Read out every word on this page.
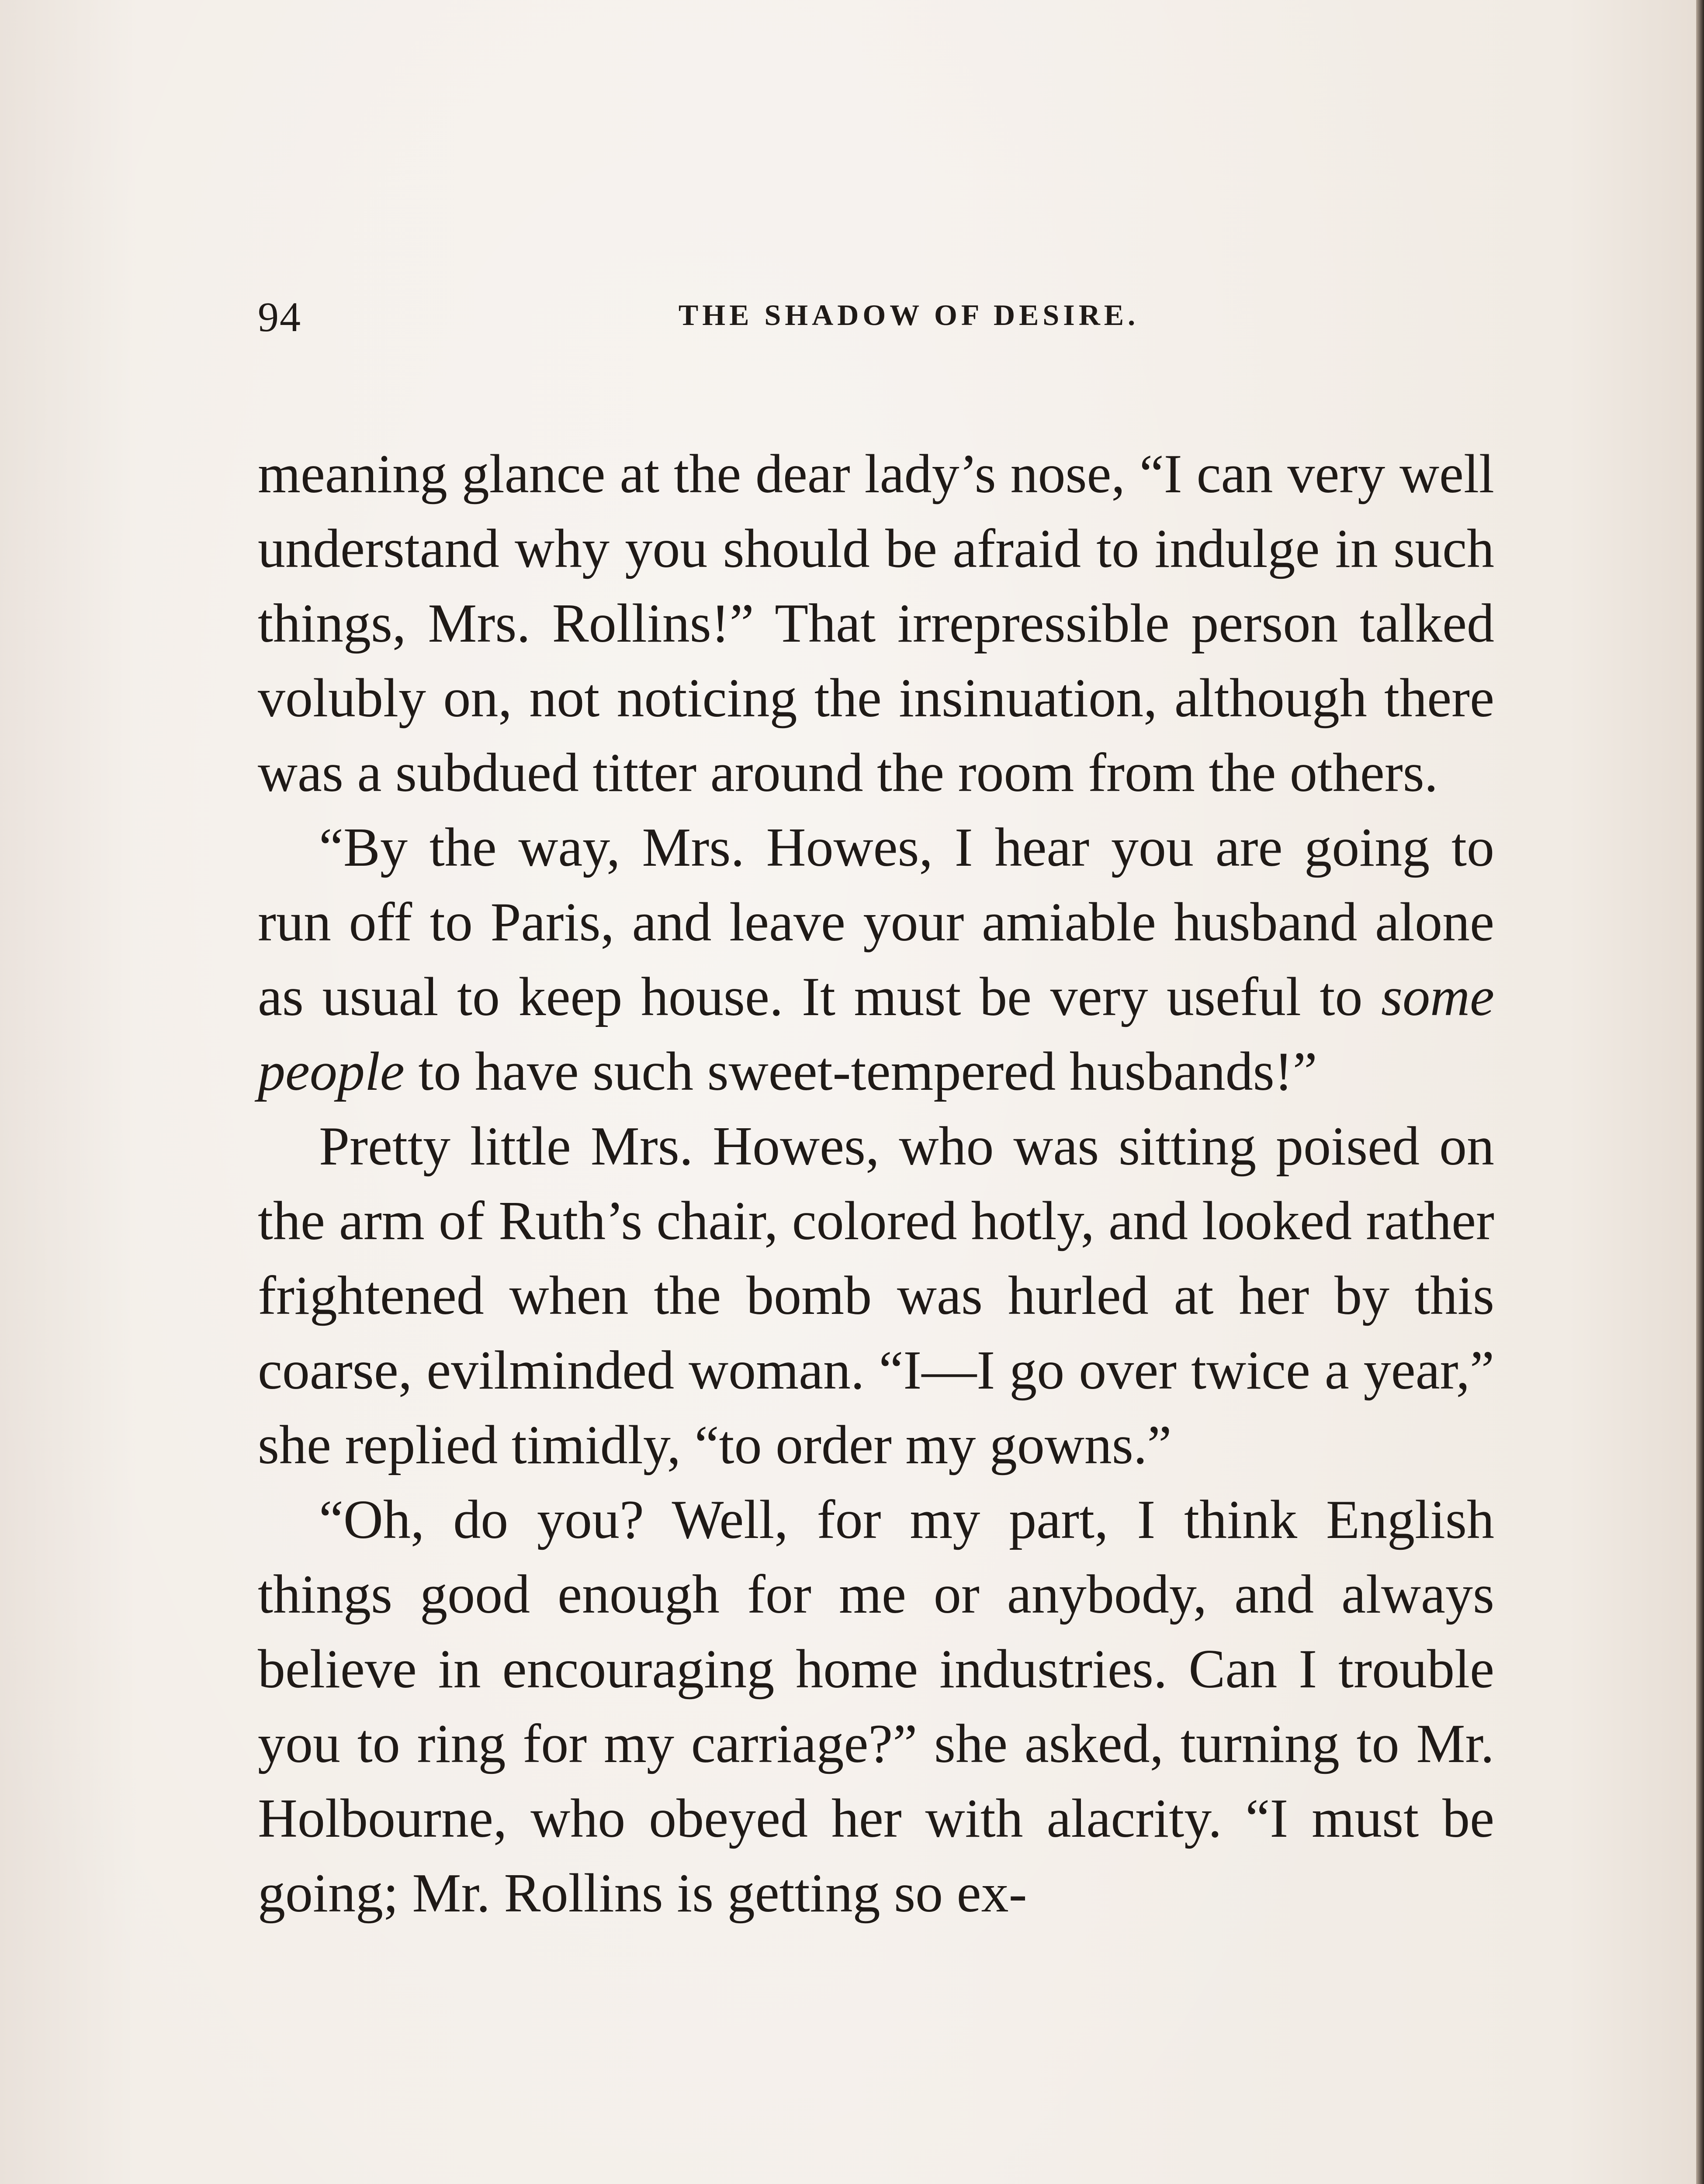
94	THE SHADOW OF DESIRE.

meaning glance at the dear lady’s nose, “I can very well understand why you should be afraid to indulge in such things, Mrs. Rollins!” That irrepressible person talked volubly on, not noticing the insinuation, although there was a subdued titter around the room from the others.

“By the way, Mrs. Howes, I hear you are going to run off to Paris, and leave your amiable husband alone as usual to keep house. It must be very useful to some people to have such sweet-tempered husbands!”

Pretty little Mrs. Howes, who was sitting poised on the arm of Ruth’s chair, colored hotly, and looked rather frightened when the bomb was hurled at her by this coarse, evilminded woman. “I—I go over twice a year,” she replied timidly, “to order my gowns.”

“Oh, do you? Well, for my part, I think English things good enough for me or anybody, and always believe in encouraging home industries. Can I trouble you to ring for my carriage?” she asked, turning to Mr. Holbourne, who obeyed her with alacrity. “I must be going; Mr. Rollins is getting so ex-
